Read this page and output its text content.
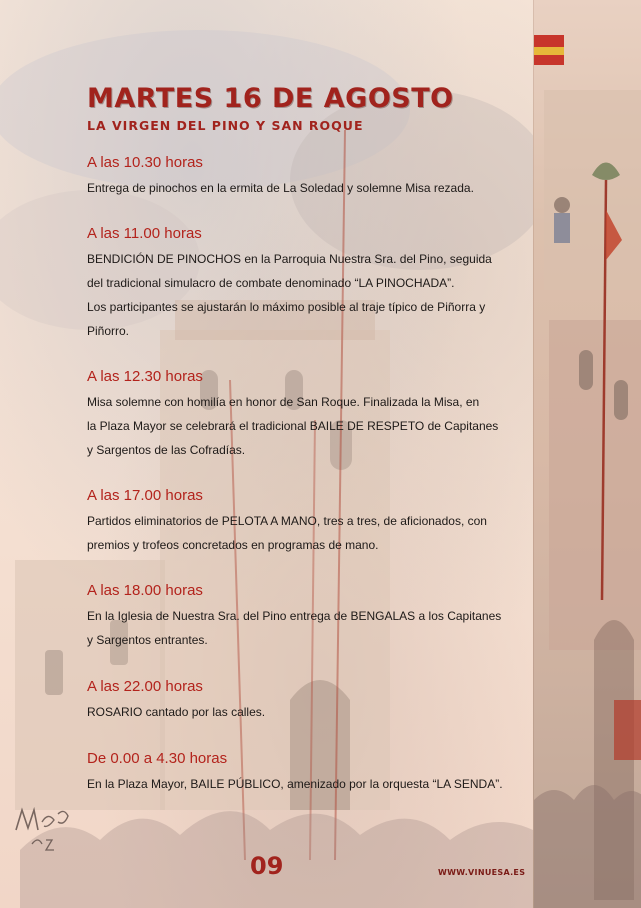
MARTES 16 DE AGOSTO
LA VIRGEN DEL PINO Y SAN ROQUE
A las 10.30 horas

Entrega de pinochos en la ermita de La Soledad y solemne Misa rezada.

A las 11.00 horas

BENDICIÓN DE PINOCHOS en la Parroquia Nuestra Sra. del Pino, seguida

del tradicional simulacro de combate denominado “LA PINOCHADA”.

Los participantes se ajustarán lo máximo posible al traje típico de Piñorra y

Piñorro.

A las 12.30 horas

Misa solemne con homilía en honor de San Roque. Finalizada la Misa, en

la Plaza Mayor se celebrará el tradicional BAILE DE RESPETO de Capitanes

y Sargentos de las Cofradías.

A las 17.00 horas

Partidos eliminatorios de PELOTA A MANO, tres a tres, de aficionados, con

premios y trofeos concretados en programas de mano.

A las 18.00 horas

En la Iglesia de Nuestra Sra. del Pino entrega de BENGALAS a los Capitanes

y Sargentos entrantes.

A las 22.00 horas

ROSARIO cantado por las calles.

De 0.00 a 4.30 horas

En la Plaza Mayor, BAILE PÚBLICO, amenizado por la orquesta “LA SENDA”.

09	WWW.VINUESA.ES
